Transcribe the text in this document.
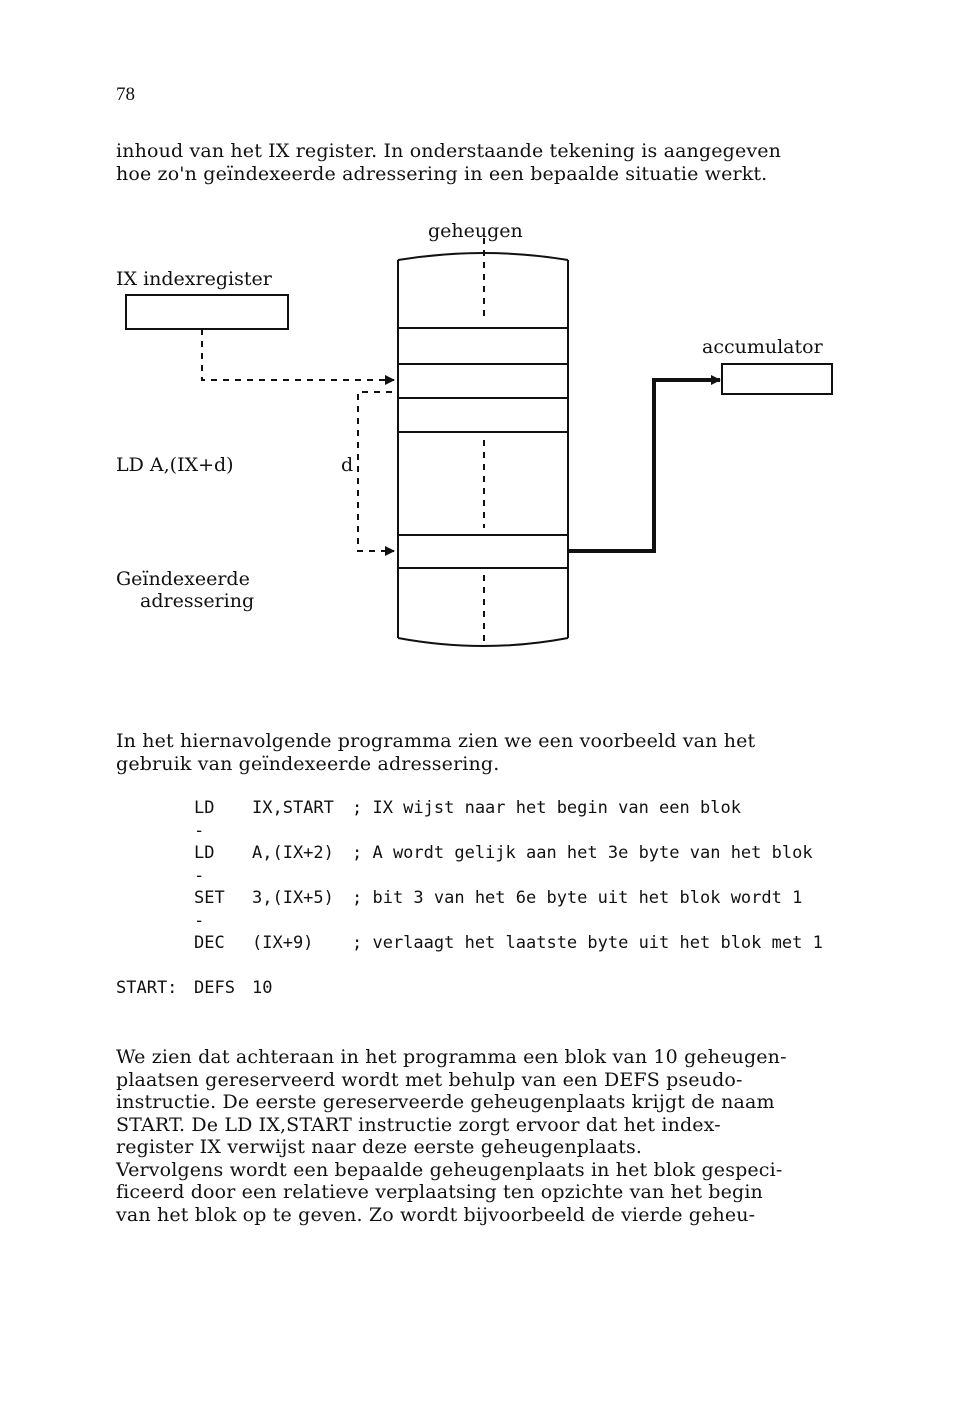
78
inhoud van het IX register. In onderstaande tekening is aangegeven
hoe zo'n geïndexeerde adressering in een bepaalde situatie werkt.
geheugen
IX indexregister
accumulator
LD A,(IX+d)	d
Geïndexeerde
adressering
In het hiernavolgende programma zien we een voorbeeld van het
gebruik van geïndexeerde adressering.
LD IX,START ; IX wijst naar het begin van een blok
-
LD A,(IX+2) ; A wordt gelijk aan het 3e byte van het blok
-
SET 3,(IX+5) ; bit 3 van het 6e byte uit het blok wordt 1
-
DEC (IX+9) ; verlaagt het laatste byte uit het blok met 1
START: DEFS 10
We zien dat achteraan in het programma een blok van 10 geheugen-
plaatsen gereserveerd wordt met behulp van een DEFS pseudo-
instructie. De eerste gereserveerde geheugenplaats krijgt de naam
START. De LD IX,START instructie zorgt ervoor dat het index-
register IX verwijst naar deze eerste geheugenplaats.
Vervolgens wordt een bepaalde geheugenplaats in het blok gespeci-
ficeerd door een relatieve verplaatsing ten opzichte van het begin
van het blok op te geven. Zo wordt bijvoorbeeld de vierde geheu-
